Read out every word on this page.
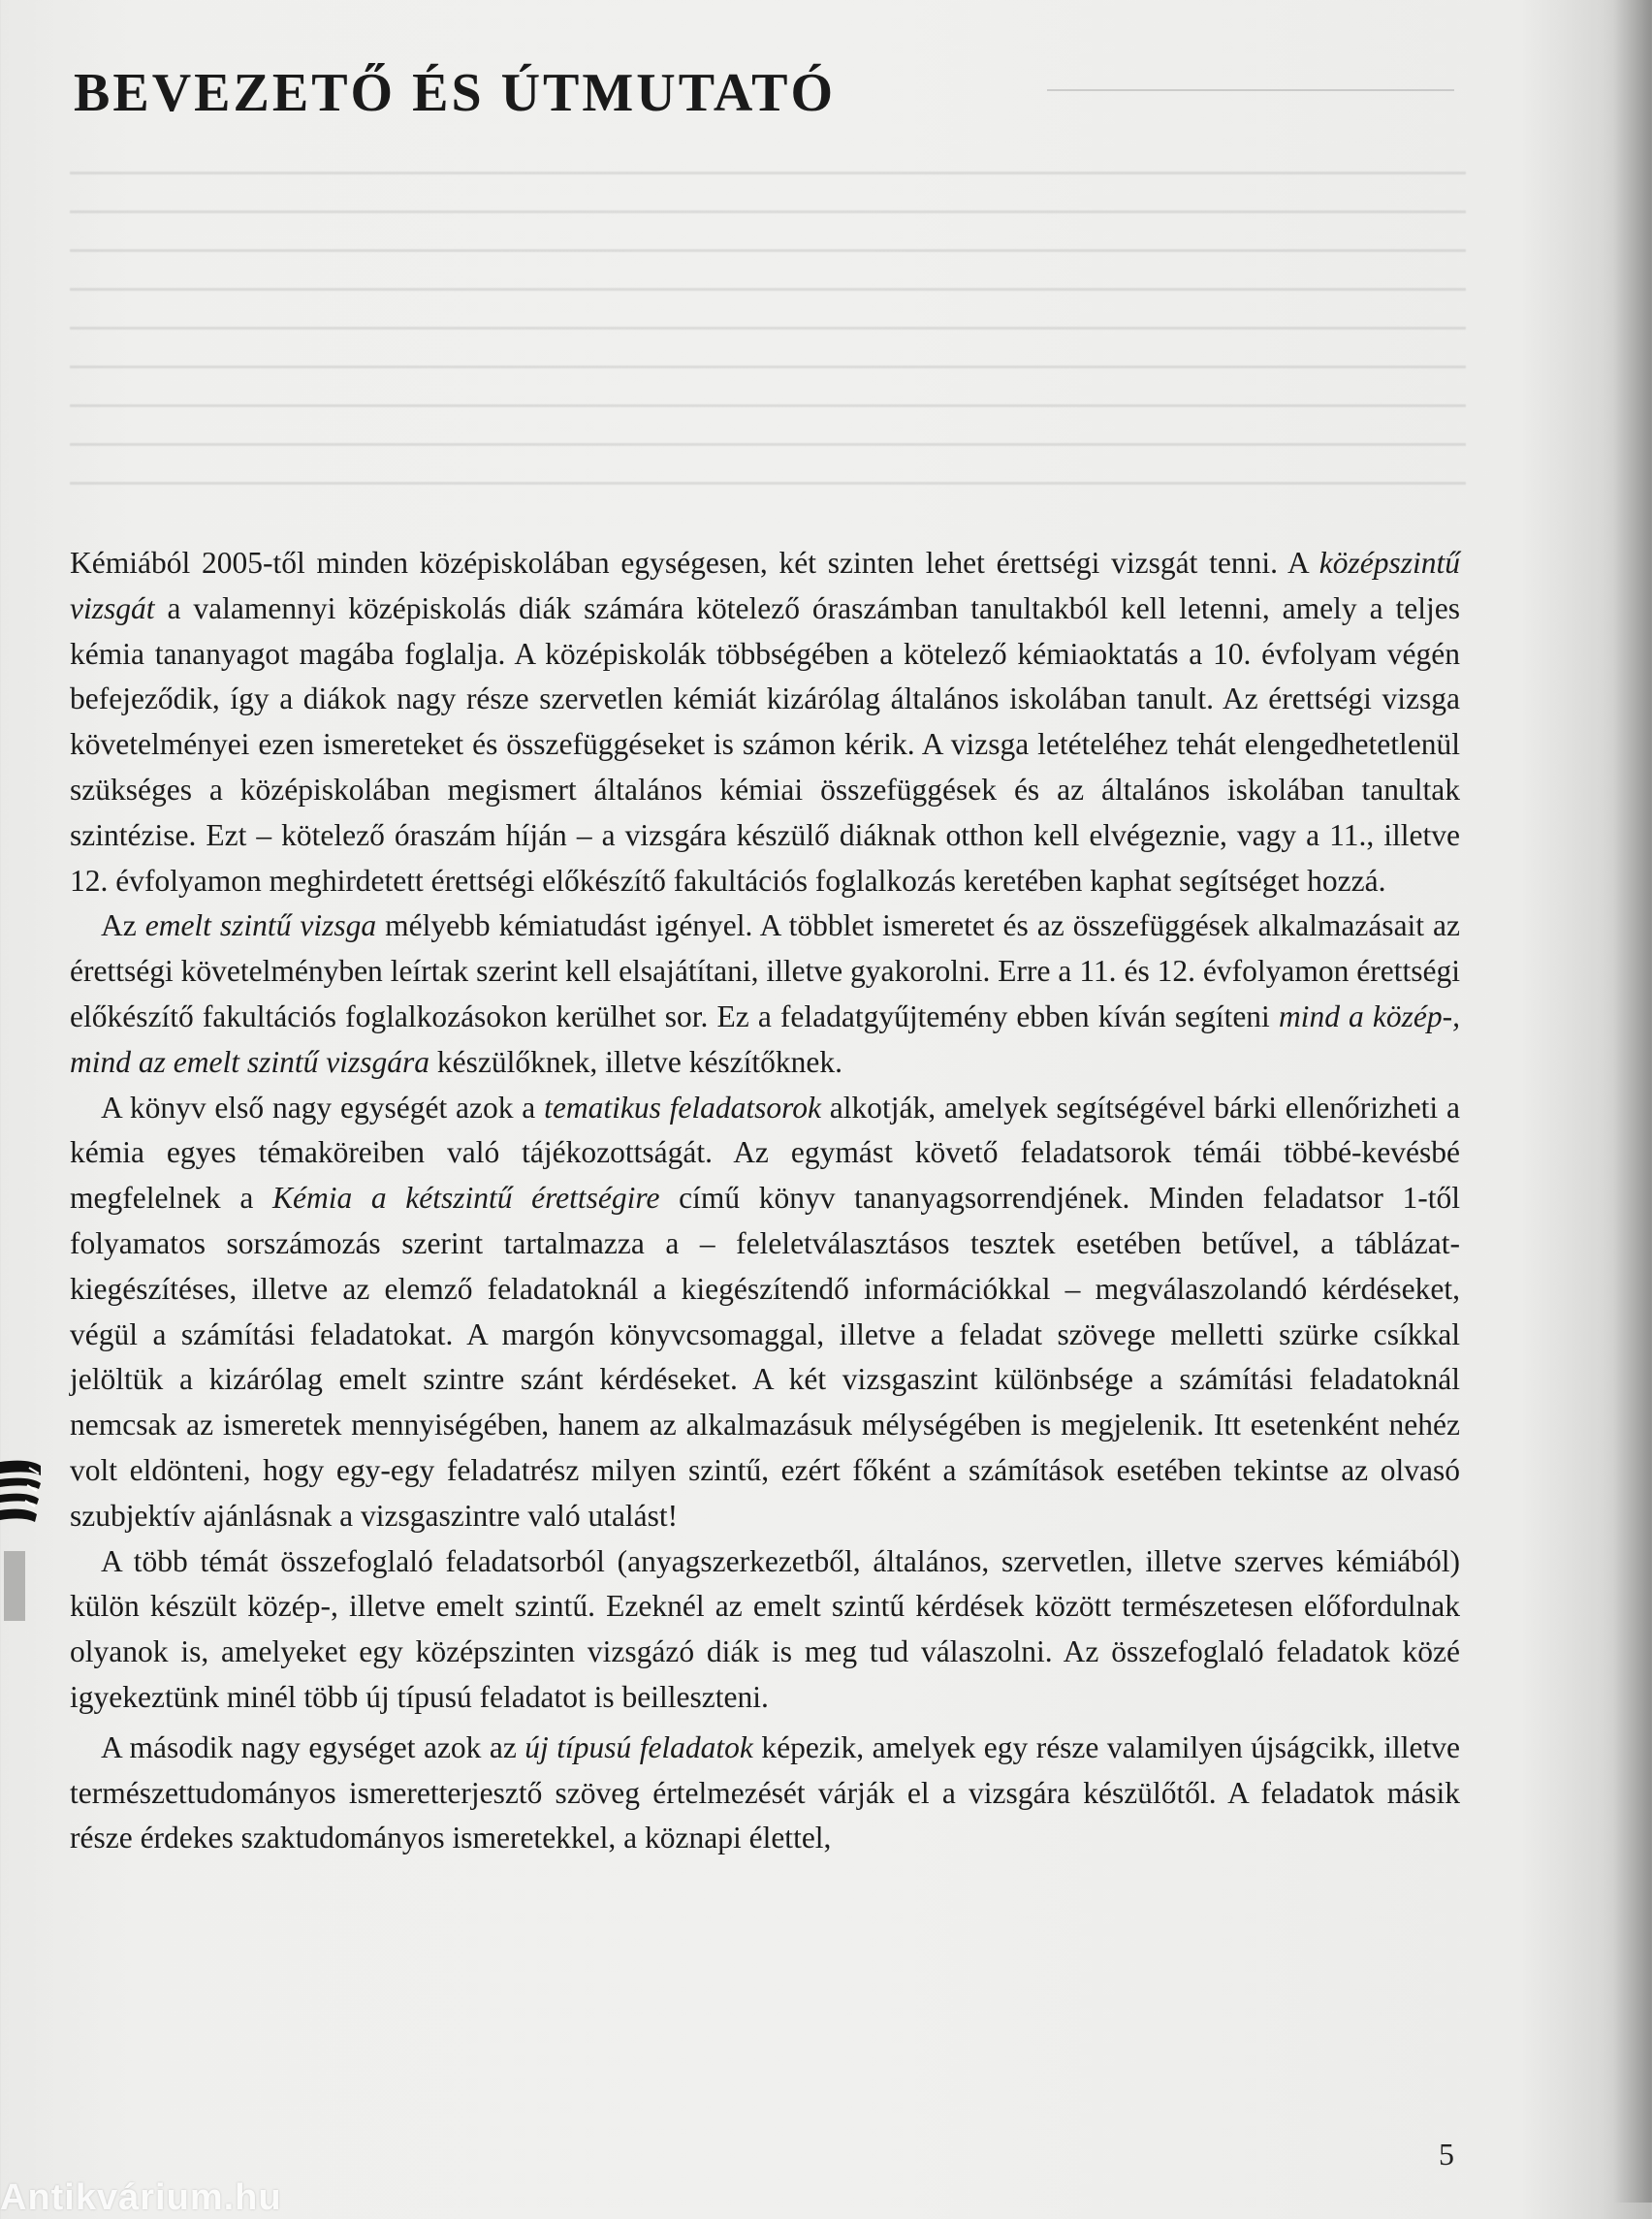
BEVEZETŐ ÉS ÚTMUTATÓ

Kémiából 2005-től minden középiskolában egységesen, két szinten lehet érettségi vizsgát tenni. A középszintű vizsgát a valamennyi középiskolás diák számára kötelező óraszámban tanultakból kell letenni, amely a teljes kémia tananyagot magába foglalja. A középiskolák többségében a kötelező kémiaoktatás a 10. évfolyam végén befejeződik, így a diákok nagy része szervetlen kémiát kizárólag általános iskolában tanult. Az érettségi vizsga követelményei ezen ismereteket és összefüggéseket is számon kérik. A vizsga letételéhez tehát elengedhetetlenül szükséges a középiskolában megismert általános kémiai összefüggések és az általános iskolában tanultak szintézise. Ezt – kötelező óraszám híján – a vizsgára készülő diáknak otthon kell elvégeznie, vagy a 11., illetve 12. évfolyamon meghirdetett érettségi előkészítő fakultációs foglalkozás keretében kaphat segítséget hozzá.

Az emelt szintű vizsga mélyebb kémiatudást igényel. A többlet ismeretet és az összefüggések alkalmazásait az érettségi követelményben leírtak szerint kell elsajátítani, illetve gyakorolni. Erre a 11. és 12. évfolyamon érettségi előkészítő fakultációs foglalkozásokon kerülhet sor. Ez a feladatgyűjtemény ebben kíván segíteni mind a közép-, mind az emelt szintű vizsgára készülőknek, illetve készítőknek.

A könyv első nagy egységét azok a tematikus feladatsorok alkotják, amelyek segítségével bárki ellenőrizheti a kémia egyes témaköreiben való tájékozottságát. Az egymást követő feladatsorok témái többé-kevésbé megfelelnek a Kémia a kétszintű érettségire című könyv tananyagsorrendjének. Minden feladatsor 1-től folyamatos sorszámozás szerint tartalmazza a – feleletválasztásos tesztek esetében betűvel, a táblázat-kiegészítéses, illetve az elemző feladatoknál a kiegészítendő információkkal – megválaszolandó kérdéseket, végül a számítási feladatokat. A margón könyvcsomaggal, illetve a feladat szövege melletti szürke csíkkal jelöltük a kizárólag emelt szintre szánt kérdéseket. A két vizsgaszint különbsége a számítási feladatoknál nemcsak az ismeretek mennyiségében, hanem az alkalmazásuk mélységében is megjelenik. Itt esetenként nehéz volt eldönteni, hogy egy-egy feladatrész milyen szintű, ezért főként a számítások esetében tekintse az olvasó szubjektív ajánlásnak a vizsgaszintre való utalást!

A több témát összefoglaló feladatsorból (anyagszerkezetből, általános, szervetlen, illetve szerves kémiából) külön készült közép-, illetve emelt szintű. Ezeknél az emelt szintű kérdések között természetesen előfordulnak olyanok is, amelyeket egy középszinten vizsgázó diák is meg tud válaszolni. Az összefoglaló feladatok közé igyekeztünk minél több új típusú feladatot is beilleszteni.

A második nagy egységet azok az új típusú feladatok képezik, amelyek egy része valamilyen újságcikk, illetve természettudományos ismeretterjesztő szöveg értelmezését várják el a vizsgára készülőtől. A feladatok másik része érdekes szaktudományos ismeretekkel, a köznapi élettel,

5
Antikvárium.hu
